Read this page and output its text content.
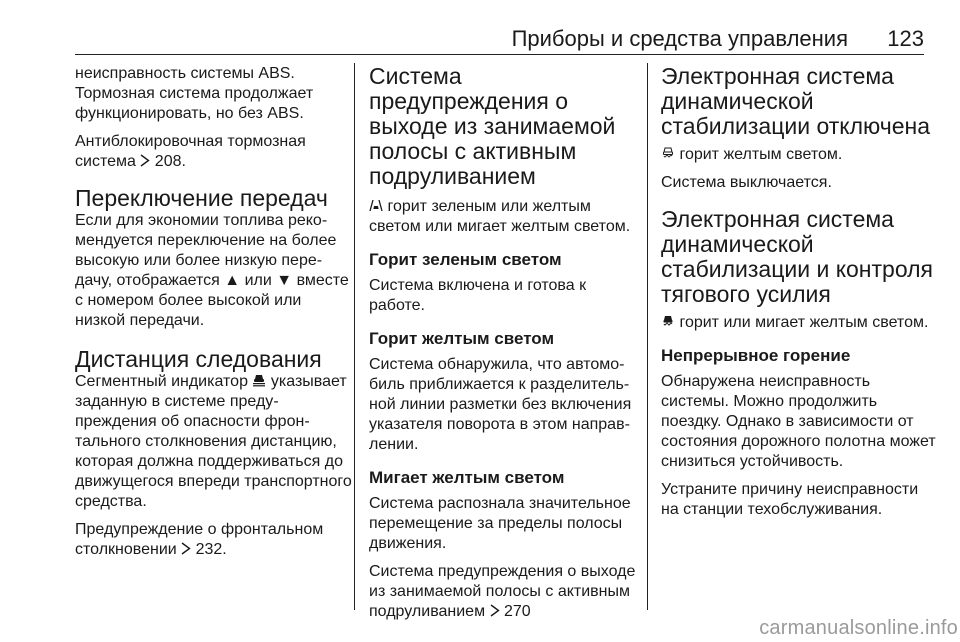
Приборы и средства управления 123

неисправность системы ABS.

Тормозная система продолжает функционировать, но без ABS.

Антиблокировочная тормозная система 208.

Переключение передач

Если для экономии топлива рекомендуется переключение на более высокую или более низкую передачу, отображается ▲ или ▼ вместе с номером более высокой или низкой передачи.

Дистанция следования

Сегментный индикатор указывает заданную в системе предупреждения об опасности фронтального столкновения дистанцию, которая должна поддерживаться до движущегося впереди транспортного средства.

Предупреждение о фронтальном столкновении 232.

Система предупреждения о выходе из занимаемой полосы с активным подруливанием

горит зеленым или желтым светом или мигает желтым светом.

Горит зеленым светом

Система включена и готова к работе.

Горит желтым светом

Система обнаружила, что автомобиль приближается к разделительной линии разметки без включения указателя поворота в этом направлении.

Мигает желтым светом

Система распознала значительное перемещение за пределы полосы движения.

Система предупреждения о выходе из занимаемой полосы с активным подруливанием 270

Электронная система динамической стабилизации отключена

горит желтым светом.

Система выключается.

Электронная система динамической стабилизации и контроля тягового усилия

горит или мигает желтым светом.

Непрерывное горение

Обнаружена неисправность системы. Можно продолжить поездку. Однако в зависимости от состояния дорожного полотна может снизиться устойчивость.

Устраните причину неисправности на станции техобслуживания.

carmanualsonline.info
